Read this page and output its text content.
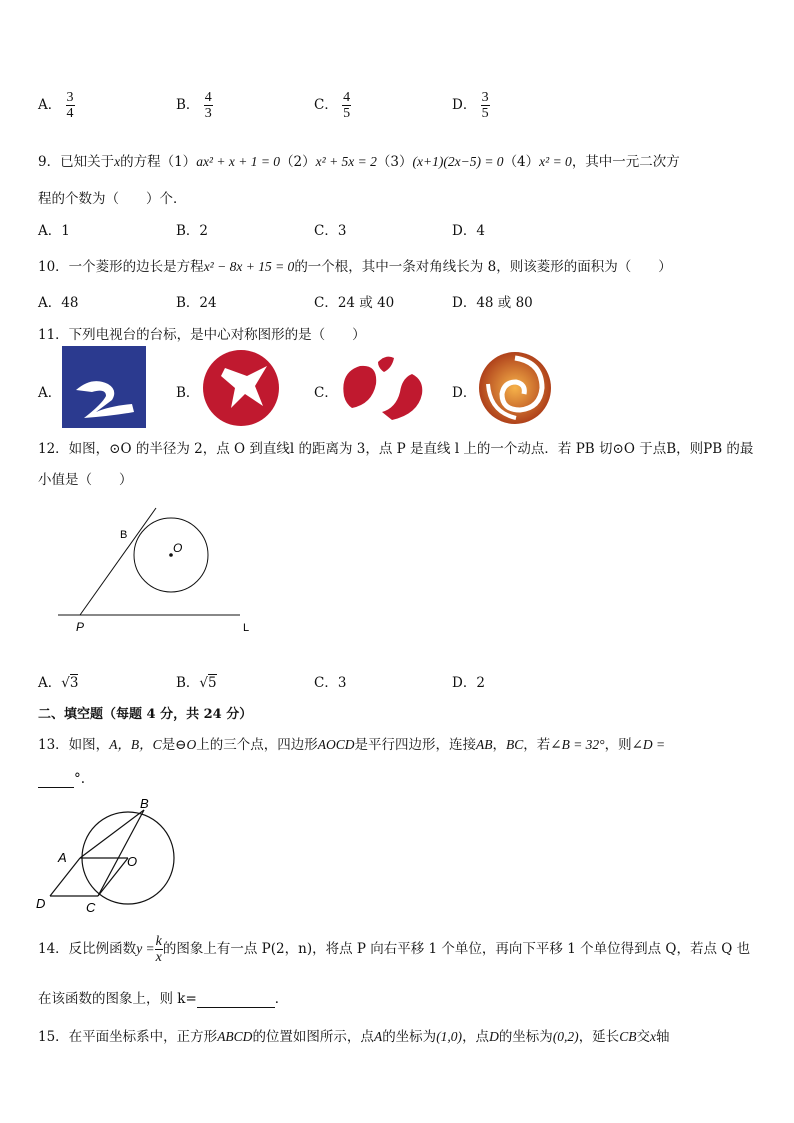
A． $\frac{3}{4}$	B． $\frac{4}{3}$	C． $\frac{4}{5}$	D． $\frac{3}{5}$
9．已知关于x的方程（1）ax² + x + 1 = 0（2）x² + 5x = 2（3）(x+1)(2x−5) = 0（4）x² = 0，其中一元二次方
程的个数为（　　）个．
A．1	B．2	C．3	D．4
10．一个菱形的边长是方程x² − 8x + 15 = 0的一个根，其中一条对角线长为 8，则该菱形的面积为（　　）
A．48	B．24	C．24 或 40	D．48 或 80
11．下列电视台的台标，是中心对称图形的是（　　）
A．	B．	C．	D．
12．如图，⊙O 的半径为 2，点 O 到直线l 的距离为 3，点 P 是直线 l 上的一个动点．若 PB 切⊙O 于点B，则PB 的最
小值是（　　）
B
O
P	L
A．√3	B．√5	C．3	D．2
二、填空题（每题 4 分，共 24 分）
13．如图，A，B，C是⊖O上的三个点，四边形AOCD是平行四边形，连接AB，BC，若∠B = 32°，则∠D =
°.
B
A	O
D	C
14．反比例函数$y = \frac{k}{x}$ 的图象上有一点 P(2，n)，将点 P 向右平移 1 个单位，再向下平移 1 个单位得到点 Q，若点 Q 也
在该函数的图象上，则 k=	．
15．在平面坐标系中，正方形ABCD的位置如图所示，点A的坐标为(1,0)，点D的坐标为(0,2)，延长CB交x轴
